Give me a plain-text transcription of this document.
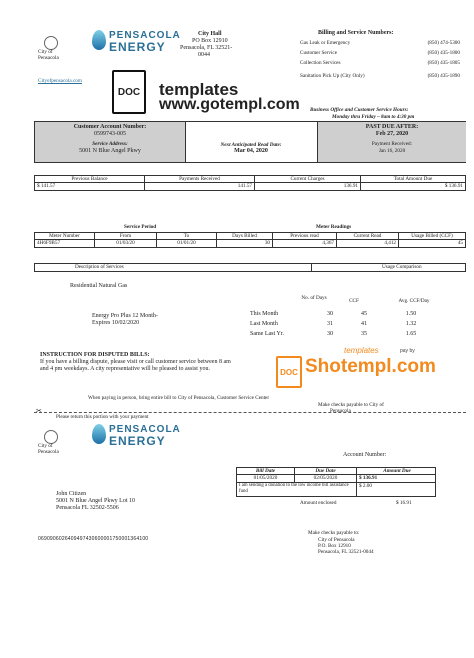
City of Pensacola
PENSACOLA
ENERGY
City Hall
PO Box 12910
Pensacola, FL 32521-
0044
Cityofpensacola.com
Billing and Service Numbers:
Gas Leak or Emergency	(850) 474-5300
Customer Service	(850) 435-1800
Collection Services	(850) 435-1805
Sanitation Pick Up (City Only)	(850) 435-1890
Business Office and Customer Service Hours:
Monday thru Friday – 8am to 4:30 pm
DOC templates
www.gotempl.com
Customer Account Number:
0599743-005
Service Address:
5001 N Blue Angel Pkwy
Next Anticipated Read Date:
Mar 04, 2020
PAST DUE AFTER:
Feb 27, 2020
Payment Received:
Jan 16, 2020
Previous Balance	Payments Received	Current Charges	Total Amount Due
$ 141.57	141.57	136.91	$ 136.91
Service Period	Meter Readings
Meter Number	From	To	Days Billed	Previous read	Current Read	Usage Billed (CCF)
4H6F9B57	01/03/20	01/01/20	30	4,367	4,412	45
Description of Services	Usage Comparison
Residential Natural Gas
Energy Pro Plus 12 Month-
Expires 10/02/2020
No. of Days	CCF	Avg. CCF/Day
This Month	30	45	1.50
Last Month	31	41	1.32
Same Last Yr.	30	35	1.65
INSTRUCTION FOR DISPUTED BILLS:
If you have a billing dispute, please visit or call customer service between 8 am and 4 pm weekdays. A city representative will be pleased to assist you.	DOC
templates	pay by
Shotempl.com
When paying in person, bring entire bill to City of Pensacola, Customer Service Center
Make checks payable to City of
Pensacola
✂
Please return this portion with your payment
City of Pensacola
PENSACOLA
ENERGY
Account Number:
Bill Date	Due Date	Amount Due
01/05/2020	02/05/2020	$ 136.91
I am sending a donation to the low income bill assistance fund
$ 2.00
Amount enclosed	$ 16.91
John Citizen
5001 N Blue Angel Pkwy Lot 10
Pensacola FL 32502-5506
0690906026409497430600001750001364100
Make checks payable to:
City of Pensacola
P.O. Box 12910
Pensacola, FL 32521-0044
